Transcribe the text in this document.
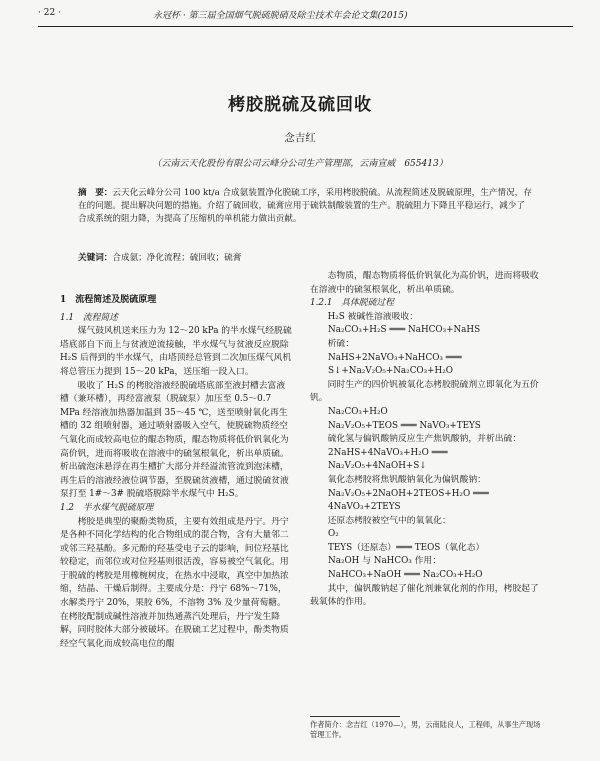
· 22 ·	永冠杯 · 第三届全国烟气脱硫脱硝及除尘技术年会论文集(2015)
栲胶脱硫及硫回收
念吉红
（云南云天化股份有限公司云峰分公司生产管理部，云南宣威　655413）

摘　要：云天化云峰分公司 100 kt/a 合成氨装置净化脱硫工序，采用栲胶脱硫。从流程简述及脱硫原理，生产情况，存在的问题。提出解决问题的措施。介绍了硫回收，硫膏应用于硫铁制酸装置的生产。脱硫阻力下降且平稳运行，减少了合成系统的阻力降，为提高了压缩机的单机能力做出贡献。

关键词：合成氨；净化流程；硫回收；硫膏

1　流程简述及脱硫原理

1.1　流程简述

煤气鼓风机送来压力为 12～20 kPa 的半水煤气经脱硫塔底部自下而上与贫液逆流接触，半水煤气与贫液反应脱除 H₂S 后得到的半水煤气，由塔顶经总管到二次加压煤气风机将总管压力提到 15～20 kPa，送压缩一段入口。

吸收了 H₂S 的栲胶溶液经脱硫塔底部至液封槽去富液槽（兼环槽），再经富液泵（脱硫泵）加压至 0.5～0.7 MPa 经溶液加热器加温到 35～45 ℃，送至喷射氧化再生槽的 32 组喷射器，通过喷射器吸入空气，使脱硫物质经空气氧化而成较高电位的醌态物质，醌态物质将低价钒氧化为高价钒，进而将吸收在溶液中的硫氢根氧化，析出单质硫。析出硫泡沫悬浮在再生槽扩大部分并经溢流管流到泡沫槽，再生后的溶液经液位调节器，至脱硫贫液槽，通过脱硫贫液泵打至 1#～3# 脱硫塔脱除半水煤气中 H₂S。

1.2　半水煤气脱硫原理

栲胶是典型的聚酚类物质，主要有效组成是丹宁。丹宁是各种不同化学结构的化合物组成的混合物，含有大量邻二或邻三羟基酚。多元酚的羟基受电子云的影响，间位羟基比较稳定，而邻位或对位羟基则很活泼，容易被空气氧化。用于脱硫的栲胶是用橡椀树皮，在热水中浸取，真空中加热浓缩，结晶、干燥后制得。主要成分是：丹宁 68%～71%，水解类丹宁 20%，果胶 6%，不溶物 3% 及少量荷萄糖。在栲胶配制成碱性溶液并加热通蒸汽处理后，丹宁发生降解，同时胶体大部分被破坏。在脱硫工艺过程中，酚类物质经空气氧化而成较高电位的醌

态物质，醌态物质将低价钒氧化为高价钒，进而将吸收在溶液中的硫氢根氧化，析出单质硫。

1.2.1　具体脱硫过程

H₂S 被碱性溶液吸收：

Na₂CO₃+H₂S ═══ NaHCO₃+NaHS

析硫：

NaHS+2NaVO₃+NaHCO₃ ═══ S↓+Na₂V₂O₅+Na₂CO₃+H₂O

同时生产的四价钒被氧化态栲胶脱硫剂立即氧化为五价钒。

Na₂CO₃+H₂O

Na₂V₂O₅+TEOS ═══ NaVO₃+TEYS

硫化氢与偏钒酸钠反应生产焦钒酸钠，并析出硫：

2NaHS+4NaVO₃+H₂O ═══ Na₂V₂O₅+4NaOH+S↓

氧化态栲胶将焦钒酸钠氧化为偏钒酸钠：

Na₂V₂O₅+2NaOH+2TEOS+H₂O ═══ 4NaVO₃+2TEYS

还原态栲胶被空气中的氧氧化：

O₂

TEYS（还原态）═══ TEOS（氧化态）

Na₂OH 与 NaHCO₃ 作用：

NaHCO₃+NaOH ═══ Na₂CO₃+H₂O

其中，偏钒酸钠起了催化剂兼氧化剂的作用，栲胶起了载氧体的作用。

作者简介：念吉红（1970—），男，云南陆良人，工程师，从事生产现场管理工作。
